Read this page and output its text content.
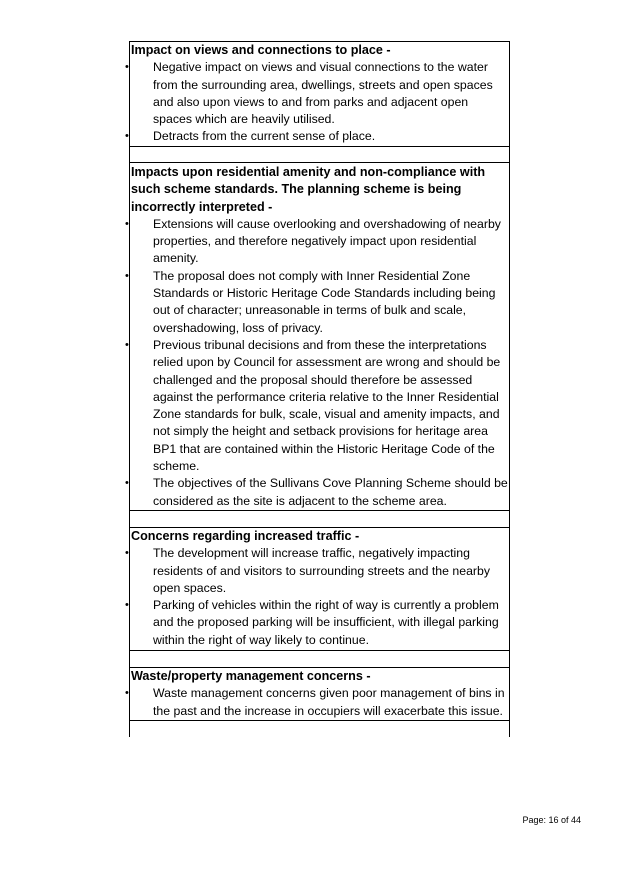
Impact on views and connections to place -

• Negative impact on views and visual connections to the water
from the surrounding area, dwellings, streets and open spaces
and also upon views to and from parks and adjacent open
spaces which are heavily utilised.
• Detracts from the current sense of place.

Impacts upon residential amenity and non-compliance with
such scheme standards. The planning scheme is being
incorrectly interpreted -

• Extensions will cause overlooking and overshadowing of nearby
properties, and therefore negatively impact upon residential
amenity.
• The proposal does not comply with Inner Residential Zone
Standards or Historic Heritage Code Standards including being
out of character; unreasonable in terms of bulk and scale,
overshadowing, loss of privacy.
• Previous tribunal decisions and from these the interpretations
relied upon by Council for assessment are wrong and should be
challenged and the proposal should therefore be assessed
against the performance criteria relative to the Inner Residential
Zone standards for bulk, scale, visual and amenity impacts, and
not simply the height and setback provisions for heritage area
BP1 that are contained within the Historic Heritage Code of the
scheme.
• The objectives of the Sullivans Cove Planning Scheme should be
considered as the site is adjacent to the scheme area.

Concerns regarding increased traffic -

• The development will increase traffic, negatively impacting
residents of and visitors to surrounding streets and the nearby
open spaces.
• Parking of vehicles within the right of way is currently a problem
and the proposed parking will be insufficient, with illegal parking
within the right of way likely to continue.

Waste/property management concerns -

• Waste management concerns given poor management of bins in
the past and the increase in occupiers will exacerbate this issue.
Page: 16 of 44
